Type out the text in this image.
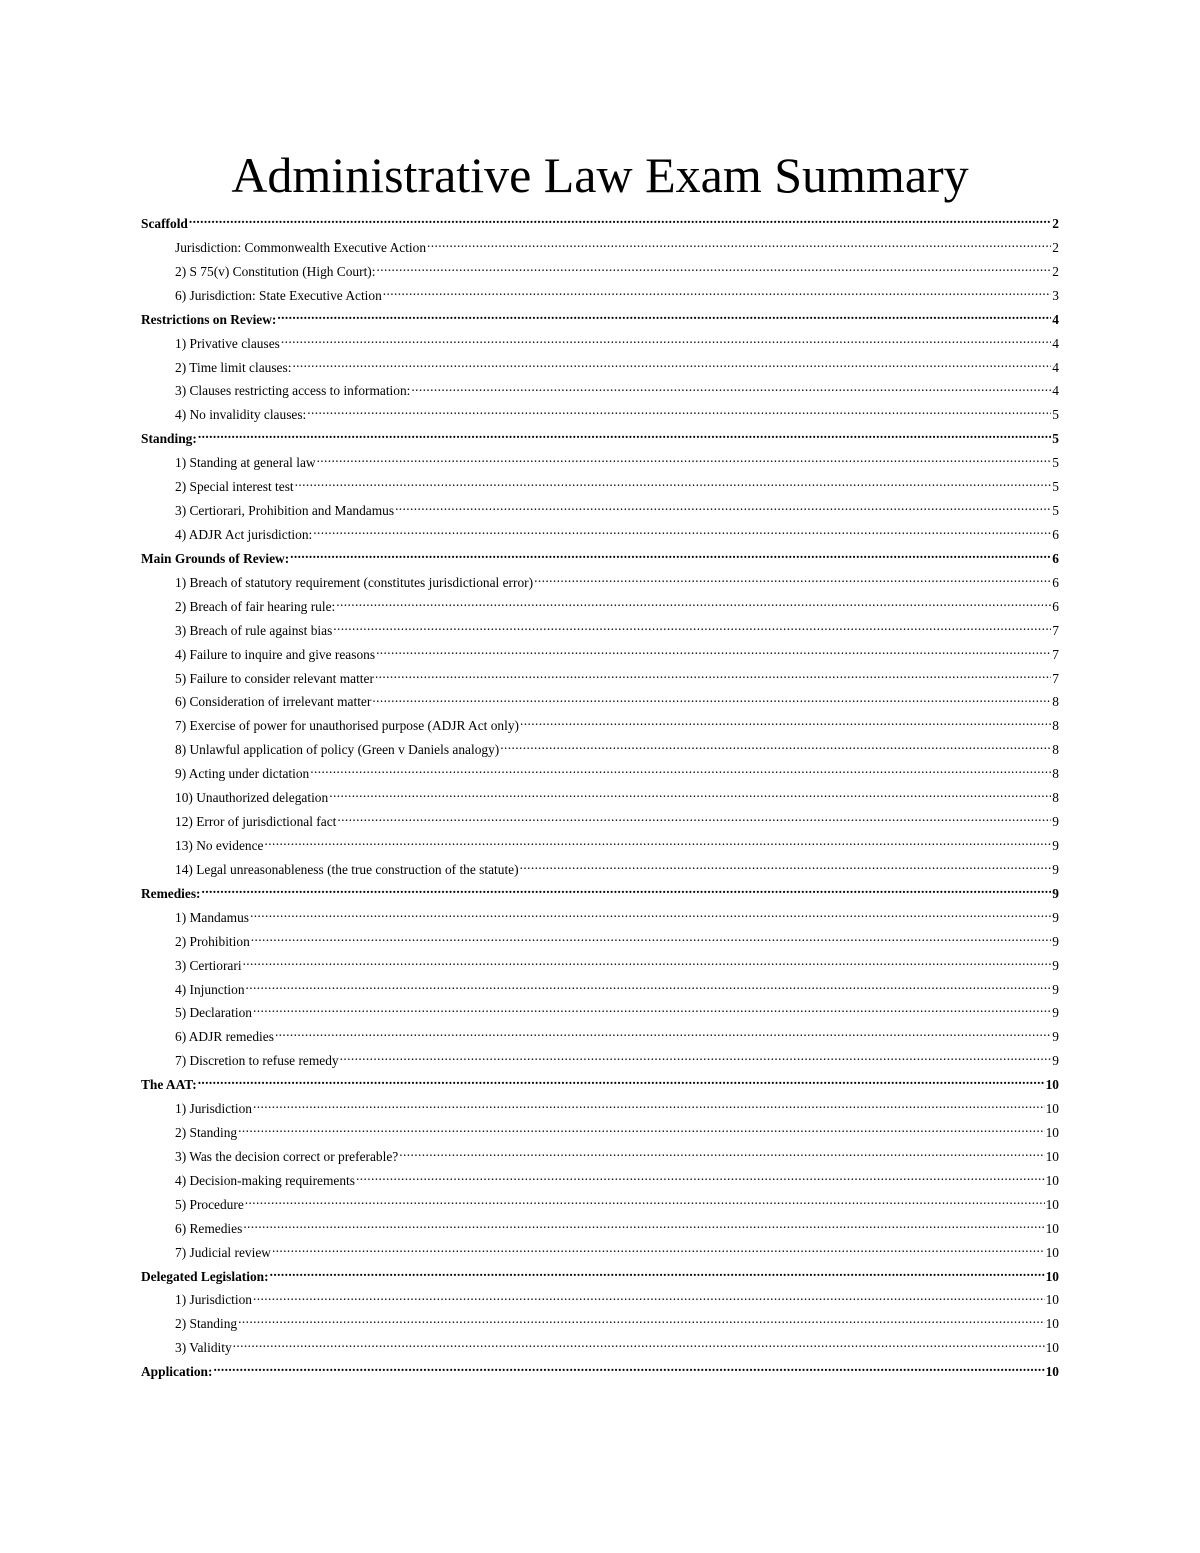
Administrative Law Exam Summary
Scaffold .....	2
Jurisdiction: Commonwealth Executive Action .....	2
2) S 75(v) Constitution (High Court): .....	2
6) Jurisdiction: State Executive Action .....	3
Restrictions on Review: .....	4
1) Privative clauses .....	4
2) Time limit clauses: .....	4
3) Clauses restricting access to information: .....	4
4) No invalidity clauses: .....	5
Standing: .....	5
1) Standing at general law .....	5
2) Special interest test .....	5
3) Certiorari, Prohibition and Mandamus .....	5
4) ADJR Act jurisdiction: .....	6
Main Grounds of Review: .....	6
1) Breach of statutory requirement (constitutes jurisdictional error) .....	6
2) Breach of fair hearing rule: .....	6
3) Breach of rule against bias .....	7
4) Failure to inquire and give reasons .....	7
5) Failure to consider relevant matter .....	7
6) Consideration of irrelevant matter .....	8
7) Exercise of power for unauthorised purpose (ADJR Act only) .....	8
8) Unlawful application of policy (Green v Daniels analogy) .....	8
9) Acting under dictation .....	8
10) Unauthorized delegation .....	8
12) Error of jurisdictional fact .....	9
13) No evidence .....	9
14) Legal unreasonableness (the true construction of the statute) .....	9
Remedies: .....	9
1) Mandamus .....	9
2) Prohibition .....	9
3) Certiorari .....	9
4) Injunction .....	9
5) Declaration .....	9
6) ADJR remedies .....	9
7) Discretion to refuse remedy .....	9
The AAT: .....	10
1) Jurisdiction .....	10
2) Standing .....	10
3) Was the decision correct or preferable? .....	10
4) Decision-making requirements .....	10
5) Procedure .....	10
6) Remedies .....	10
7) Judicial review .....	10
Delegated Legislation: .....	10
1) Jurisdiction .....	10
2) Standing .....	10
3) Validity .....	10
Application: .....	10
